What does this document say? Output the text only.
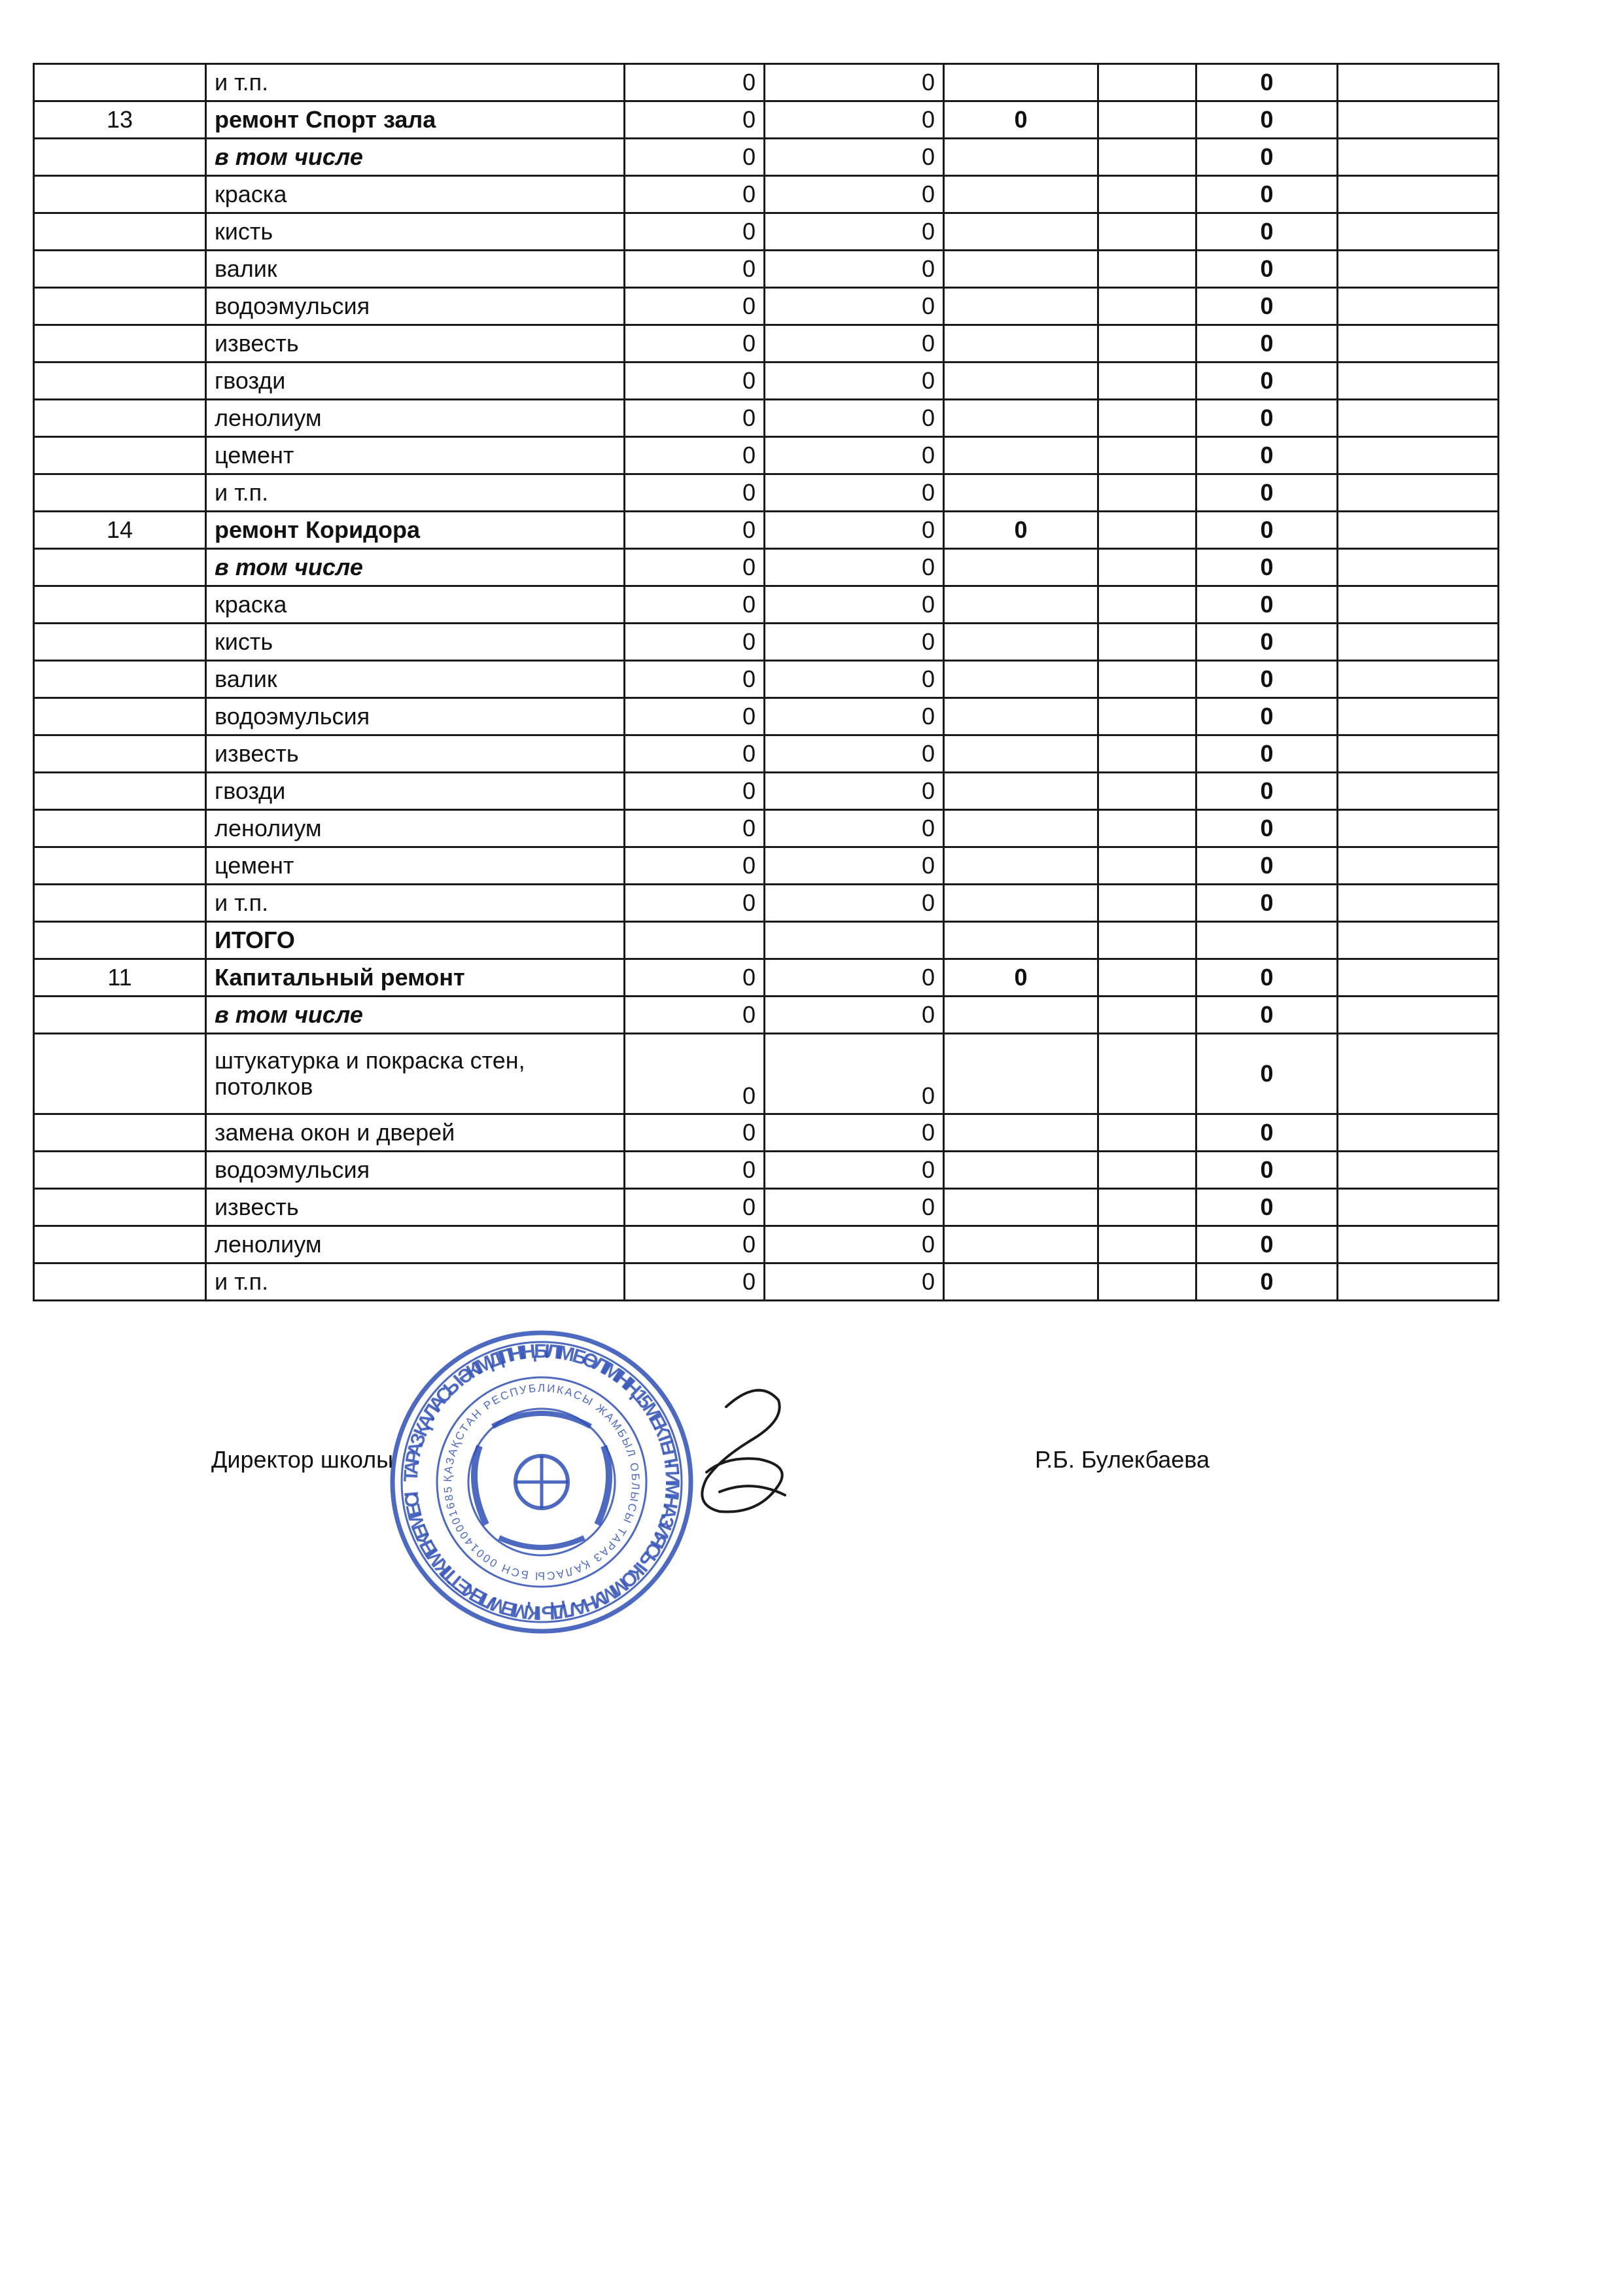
	и т.п.	0	0			0	
13	ремонт Спорт зала	0	0	0		0	
	в том числе	0	0			0	
	краска	0	0			0	
	кисть	0	0			0	
	валик	0	0			0	
	водоэмульсия	0	0			0	
	известь	0	0			0	
	гвозди	0	0			0	
	ленолиум	0	0			0	
	цемент	0	0			0	
	и т.п.	0	0			0	
14	ремонт Коридора	0	0	0		0	
	в том числе	0	0			0	
	краска	0	0			0	
	кисть	0	0			0	
	валик	0	0			0	
	водоэмульсия	0	0			0	
	известь	0	0			0	
	гвозди	0	0			0	
	ленолиум	0	0			0	
	цемент	0	0			0	
	и т.п.	0	0			0	
	ИТОГО						
11	Капитальный ремонт	0	0	0		0	
	в том числе	0	0			0	
	штукатурка и покраска стен, потолков	0	0			0	
	замена окон и дверей	0	0			0	
	водоэмульсия	0	0			0	
	известь	0	0			0	
	ленолиум	0	0			0	
	и т.п.	0	0			0	
ТАРАЗ ҚАЛАСЫ ӘКІМДІГІНІҢ БІЛІМ БӨЛІМІНІҢ 15 МЕКТЕП-ГИМНАЗИЯСЫ КОММУНАЛДЫҚ МЕМЛЕКЕТТІК МЕКЕМЕСІ
ҚАЗАҚСТАН РЕСПУБЛИКАСЫ ЖАМБЫЛ ОБЛЫСЫ ТАРАЗ ҚАЛАСЫ БСН 000140001685
Директор школы	Р.Б. Булекбаева
